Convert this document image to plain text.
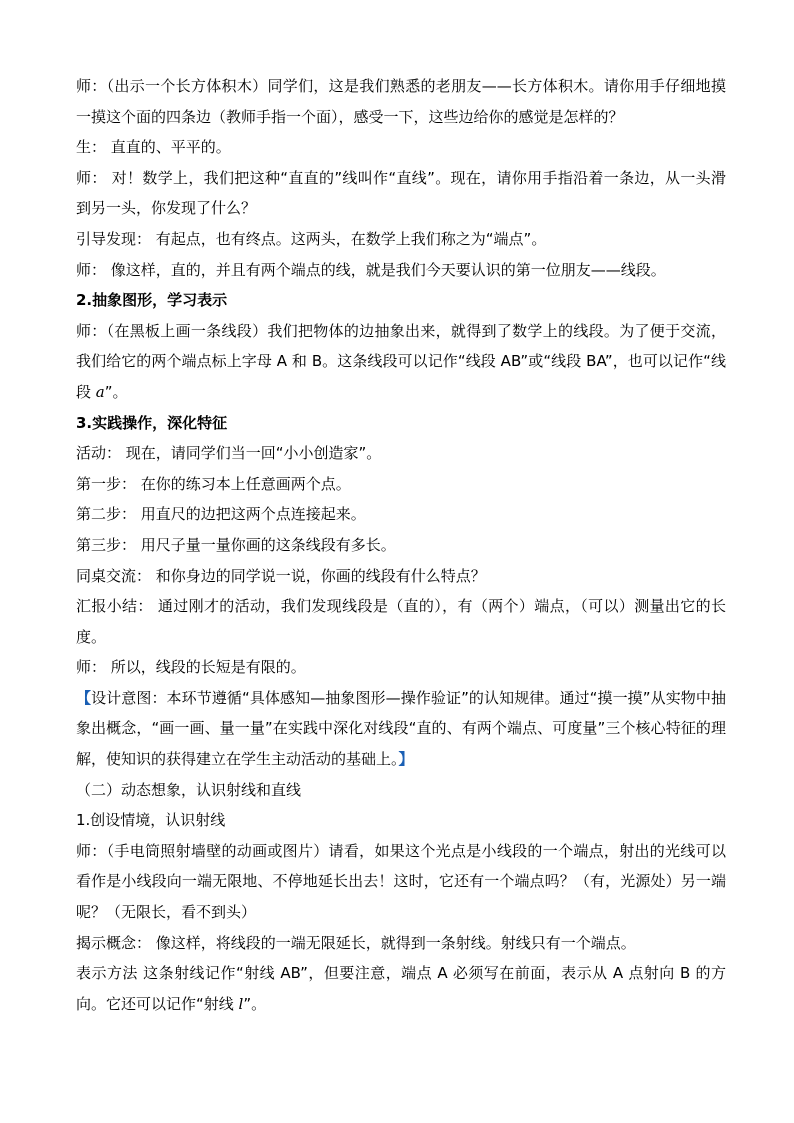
师：（出示一个长方体积木）同学们，这是我们熟悉的老朋友——长方体积木。请你用手仔细地摸一摸这个面的四条边（教师手指一个面），感受一下，这些边给你的感觉是怎样的？

生： 直直的、平平的。

师： 对！数学上，我们把这种“直直的”线叫作“直线”。现在，请你用手指沿着一条边，从一头滑到另一头，你发现了什么？

引导发现： 有起点，也有终点。这两头，在数学上我们称之为“端点”。

师： 像这样，直的，并且有两个端点的线，就是我们今天要认识的第一位朋友——线段。

2.抽象图形，学习表示

师：（在黑板上画一条线段）我们把物体的边抽象出来，就得到了数学上的线段。为了便于交流，我们给它的两个端点标上字母 A 和 B。这条线段可以记作“线段 AB”或“线段 BA”，也可以记作“线段 a”。

3.实践操作，深化特征

活动： 现在，请同学们当一回“小小创造家”。

第一步： 在你的练习本上任意画两个点。

第二步： 用直尺的边把这两个点连接起来。

第三步： 用尺子量一量你画的这条线段有多长。

同桌交流： 和你身边的同学说一说，你画的线段有什么特点？

汇报小结： 通过刚才的活动，我们发现线段是（直的），有（两个）端点，（可以）测量出它的长度。

师： 所以，线段的长短是有限的。

【设计意图：本环节遵循“具体感知—抽象图形—操作验证”的认知规律。通过“摸一摸”从实物中抽象出概念，“画一画、量一量”在实践中深化对线段“直的、有两个端点、可度量”三个核心特征的理解，使知识的获得建立在学生主动活动的基础上。】

（二）动态想象，认识射线和直线

1.创设情境，认识射线

师：（手电筒照射墙壁的动画或图片）请看，如果这个光点是小线段的一个端点，射出的光线可以看作是小线段向一端无限地、不停地延长出去！这时，它还有一个端点吗？（有，光源处）另一端呢？（无限长，看不到头）

揭示概念： 像这样，将线段的一端无限延长，就得到一条射线。射线只有一个端点。

表示方法 这条射线记作“射线 AB”，但要注意，端点 A 必须写在前面，表示从 A 点射向 B 的方向。它还可以记作“射线 l”。
